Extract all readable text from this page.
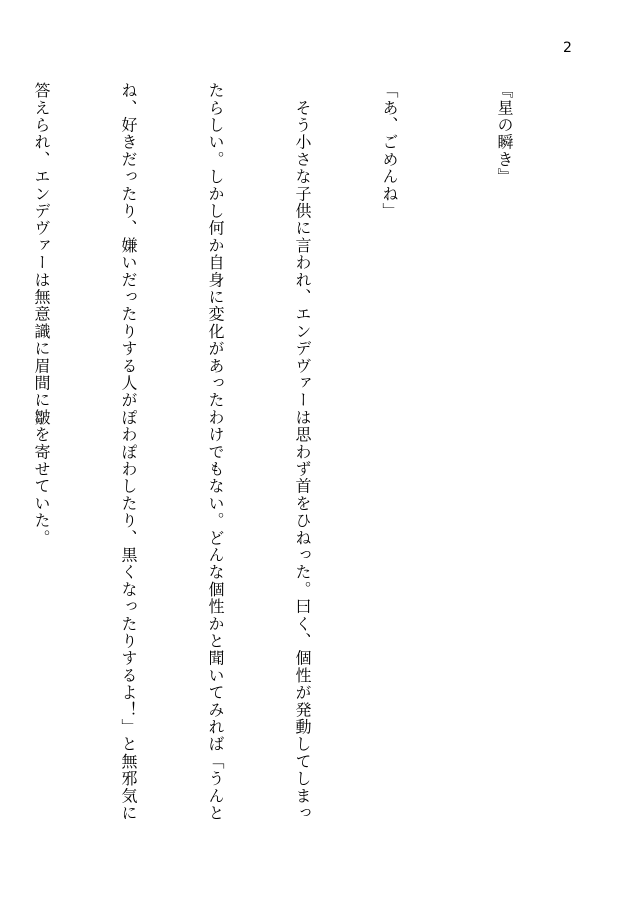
2

『星の瞬き』

「あ、ごめんね」

　そう小さな子供に言われ、エンデヴァーは思わず首をひねった。曰く、個性が発動してしまっ

たらしい。しかし何か自身に変化があったわけでもない。どんな個性かと聞いてみれば「うんと

ね、好きだったり、嫌いだったりする人がぽわぽわしたり、黒くなったりするよ！」と無邪気に

答えられ、エンデヴァーは無意識に眉間に皺を寄せていた。
